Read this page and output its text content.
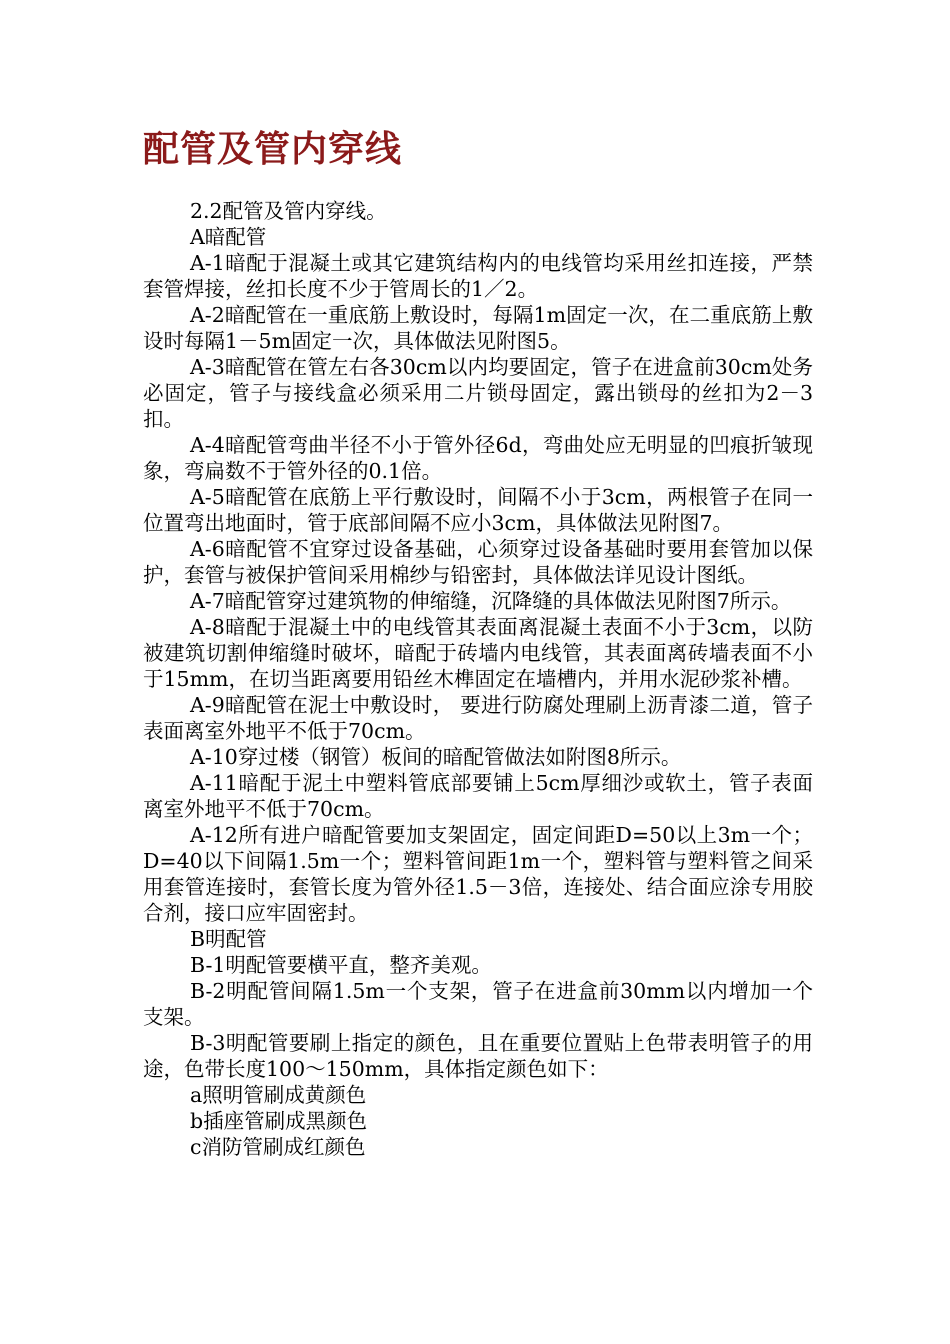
配管及管内穿线

2.2配管及管内穿线。

A暗配管

A-1暗配于混凝土或其它建筑结构内的电线管均采用丝扣连接，严禁套管焊接，丝扣长度不少于管周长的1／2。

A-2暗配管在一重底筋上敷设时，每隔1m固定一次，在二重底筋上敷设时每隔1－5m固定一次，具体做法见附图5。

A-3暗配管在管左右各30cm以内均要固定，管子在进盒前30cm处务必固定，管子与接线盒必须采用二片锁母固定，露出锁母的丝扣为2－3扣。

A-4暗配管弯曲半径不小于管外径6d，弯曲处应无明显的凹痕折皱现象，弯扁数不于管外径的0.1倍。

A-5暗配管在底筋上平行敷设时，间隔不小于3cm，两根管子在同一位置弯出地面时，管于底部间隔不应小3cm，具体做法见附图7。

A-6暗配管不宜穿过设备基础，心须穿过设备基础时要用套管加以保护，套管与被保护管间采用棉纱与铅密封，具体做法详见设计图纸。

A-7暗配管穿过建筑物的伸缩缝，沉降缝的具体做法见附图7所示。

A-8暗配于混凝土中的电线管其表面离混凝土表面不小于3cm，以防被建筑切割伸缩缝时破坏，暗配于砖墙内电线管，其表面离砖墙表面不小于15mm，在切当距离要用铅丝木榫固定在墙槽内，并用水泥砂浆补槽。

A-9暗配管在泥士中敷设时， 要进行防腐处理刷上沥青漆二道，管子表面离室外地平不低于70cm。

A-10穿过楼（钢管）板间的暗配管做法如附图8所示。

A-11暗配于泥土中塑料管底部要铺上5cm厚细沙或软土，管子表面离室外地平不低于70cm。

A-12所有进户暗配管要加支架固定，固定间距D=50以上3m一个；D=40以下间隔1.5m一个；塑料管间距1m一个，塑料管与塑料管之间采用套管连接时，套管长度为管外径1.5－3倍，连接处、结合面应涂专用胶合剂，接口应牢固密封。

B明配管

B-1明配管要横平直，整齐美观。

B-2明配管间隔1.5m一个支架，管子在进盒前30mm以内增加一个支架。

B-3明配管要刷上指定的颜色，且在重要位置贴上色带表明管子的用途，色带长度100～150mm，具体指定颜色如下：

a照明管刷成黄颜色

b插座管刷成黑颜色

c消防管刷成红颜色
